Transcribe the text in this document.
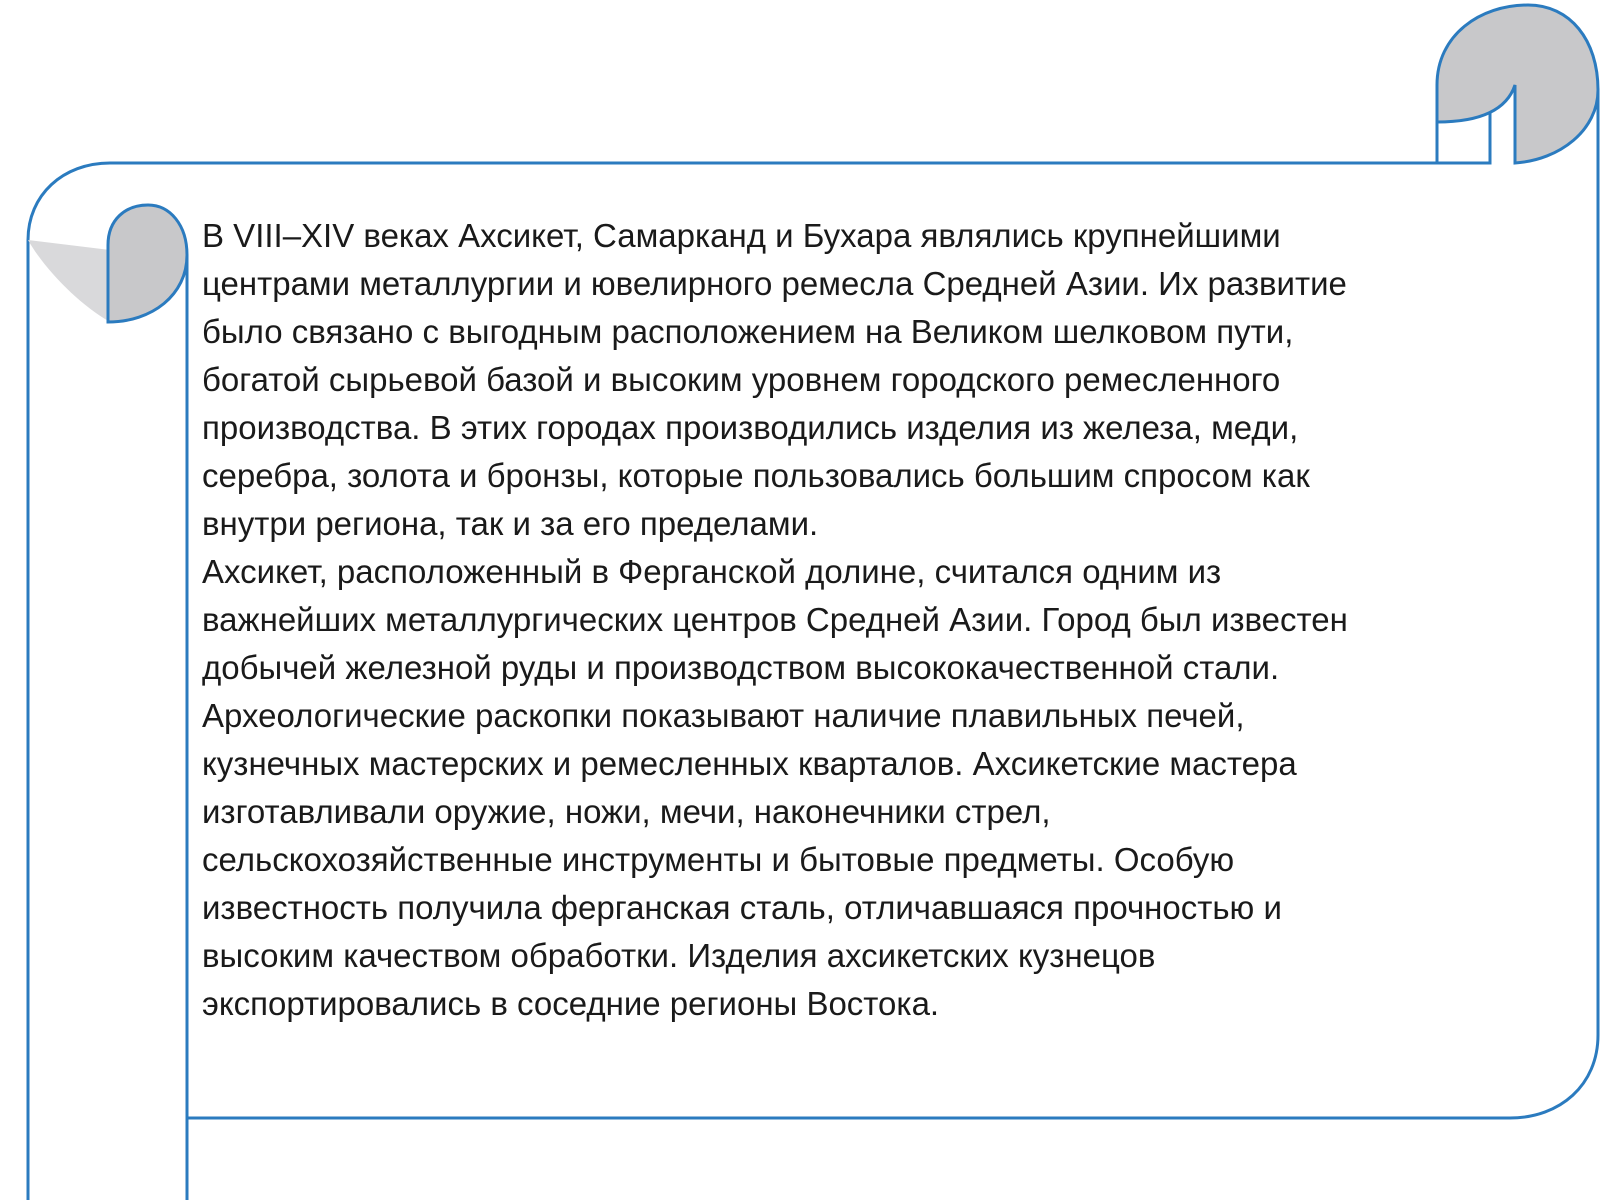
В VIII–XIV веках Ахсикет, Самарканд и Бухара являлись крупнейшими центрами металлургии и ювелирного ремесла Средней Азии. Их развитие было связано с выгодным расположением на Великом шелковом пути, богатой сырьевой базой и высоким уровнем городского ремесленного производства. В этих городах производились изделия из железа, меди, серебра, золота и бронзы, которые пользовались большим спросом как внутри региона, так и за его пределами.

Ахсикет, расположенный в Ферганской долине, считался одним из важнейших металлургических центров Средней Азии. Город был известен добычей железной руды и производством высококачественной стали. Археологические раскопки показывают наличие плавильных печей, кузнечных мастерских и ремесленных кварталов. Ахсикетские мастера изготавливали оружие, ножи, мечи, наконечники стрел, сельскохозяйственные инструменты и бытовые предметы. Особую известность получила ферганская сталь, отличавшаяся прочностью и высоким качеством обработки. Изделия ахсикетских кузнецов экспортировались в соседние регионы Востока.
